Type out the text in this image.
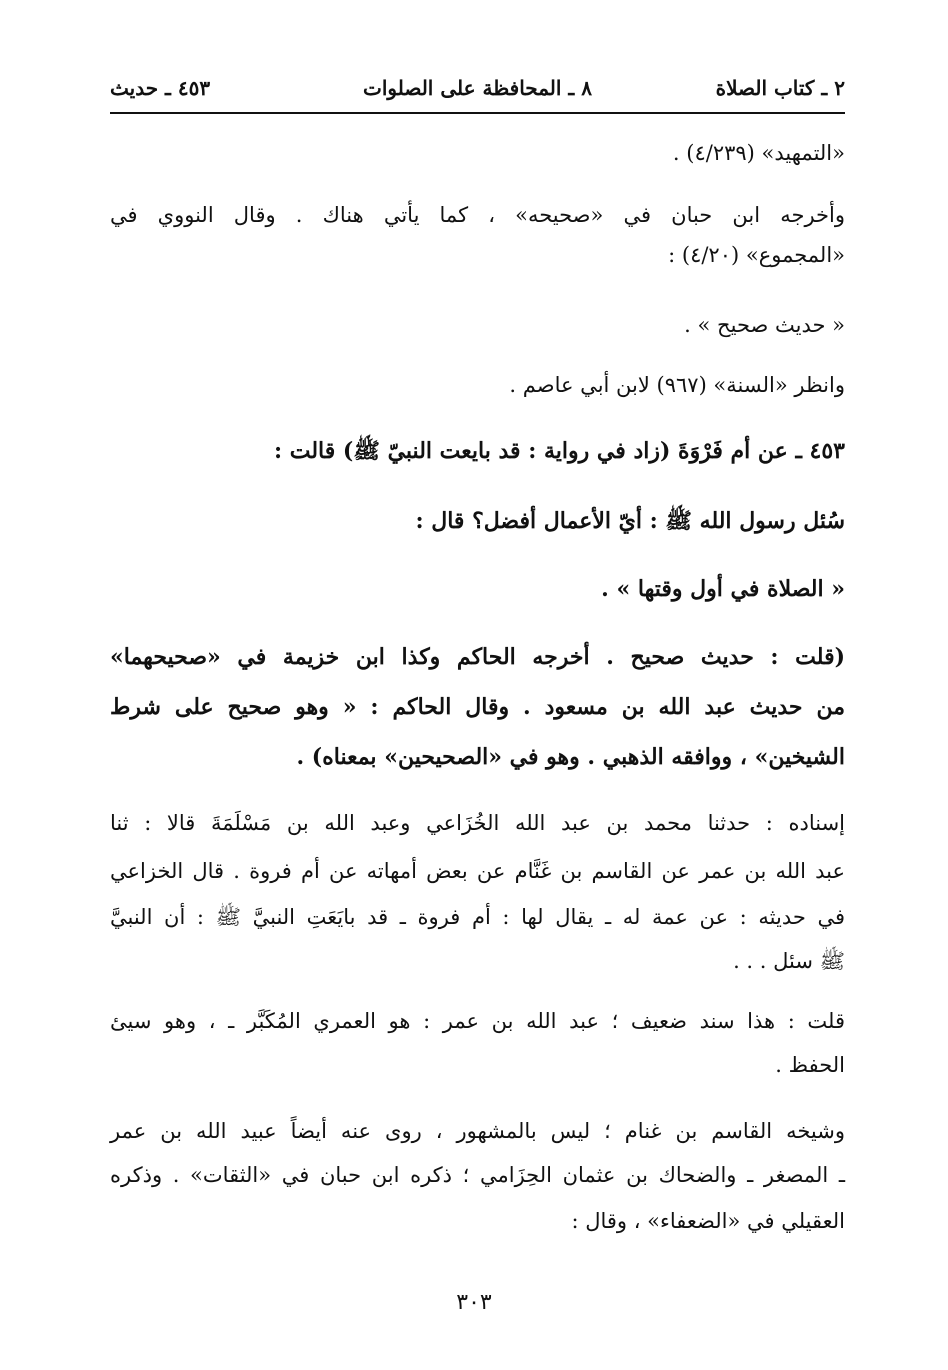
٢ ـ كتاب الصلاة
٨ ـ المحافظة على الصلوات
٤٥٣ ـ حديث
«التمهيد» (٤/٢٣٩) .
وأخرجه ابن حبان في «صحيحه» ، كما يأتي هناك . وقال النووي في
«المجموع» (٤/٢٠) :
« حديث صحيح » .
وانظر «السنة» (٩٦٧) لابن أبي عاصم .
٤٥٣ ـ عن أم فَرْوَةَ (زاد في رواية : قد بايعت النبيّ ﷺ) قالت :
سُئل رسول الله ﷺ : أيّ الأعمال أفضل؟ قال :
« الصلاة في أول وقتها » .
(قلت : حديث صحيح . أخرجه الحاكم وكذا ابن خزيمة في «صحيحهما»
من حديث عبد الله بن مسعود . وقال الحاكم : « وهو صحيح على شرط
الشيخين» ، ووافقه الذهبي . وهو في «الصحيحين» بمعناه) .
إسناده : حدثنا محمد بن عبد الله الخُزَاعي وعبد الله بن مَسْلَمَةَ قالا : ثنا
عبد الله بن عمر عن القاسم بن غَنَّام عن بعض أمهاته عن أم فروة . قال الخزاعي
في حديثه : عن عمة له ـ يقال لها : أم فروة ـ قد بايَعَتِ النبيَّ ﷺ : أن النبيَّ
ﷺ سئل . . .
قلت : هذا سند ضعيف ؛ عبد الله بن عمر : هو العمري المُكَبَّر ـ ، وهو سيئ
الحفظ .
وشيخه القاسم بن غنام ؛ ليس بالمشهور ، روى عنه أيضاً عبيد الله بن عمر
ـ المصغر ـ والضحاك بن عثمان الحِزَامي ؛ ذكره ابن حبان في «الثقات» . وذكره
العقيلي في «الضعفاء» ، وقال :
٣٠٣
